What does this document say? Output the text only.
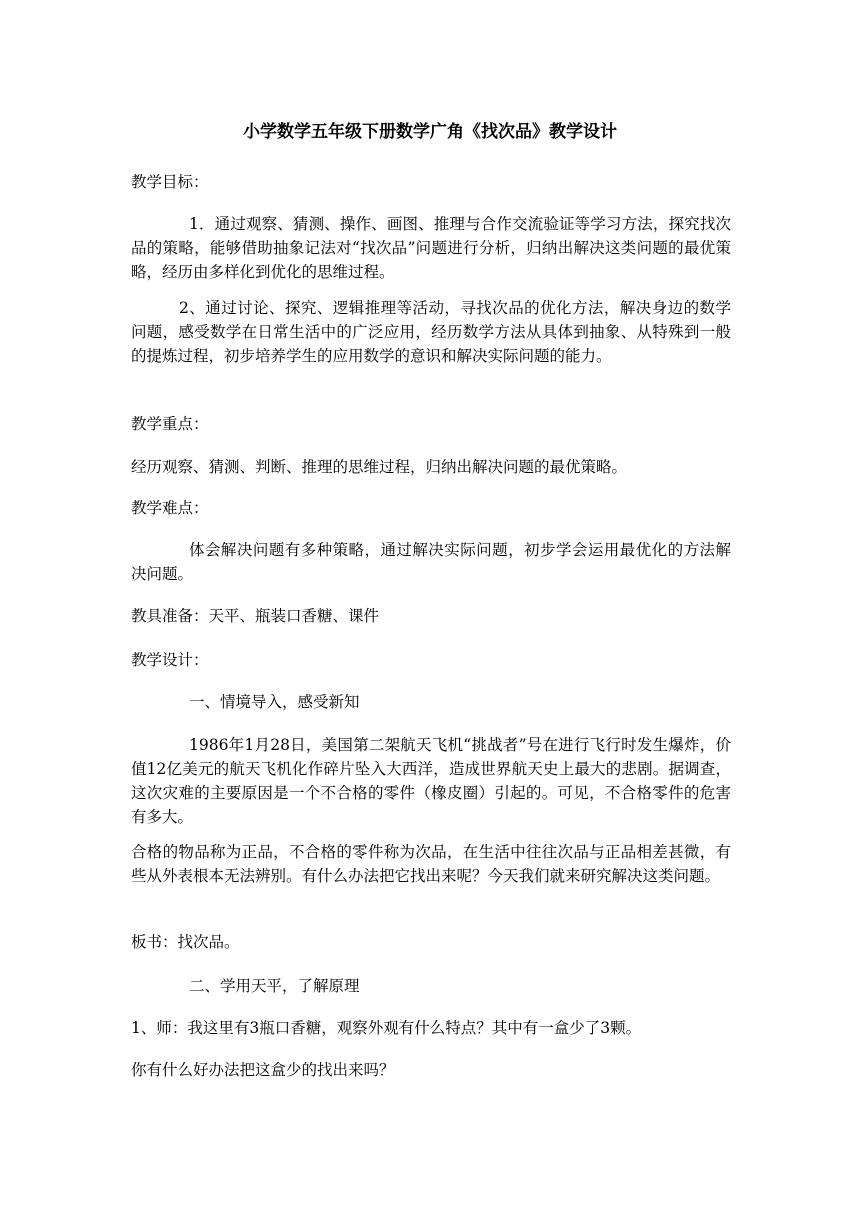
小学数学五年级下册数学广角《找次品》教学设计
教学目标：
1．通过观察、猜测、操作、画图、推理与合作交流验证等学习方法，探究找次品的策略，能够借助抽象记法对“找次品”问题进行分析，归纳出解决这类问题的最优策略，经历由多样化到优化的思维过程。
2、通过讨论、探究、逻辑推理等活动，寻找次品的优化方法，解决身边的数学问题，感受数学在日常生活中的广泛应用，经历数学方法从具体到抽象、从特殊到一般的提炼过程，初步培养学生的应用数学的意识和解决实际问题的能力。
教学重点：
经历观察、猜测、判断、推理的思维过程，归纳出解决问题的最优策略。
教学难点：
体会解决问题有多种策略，通过解决实际问题，初步学会运用最优化的方法解决问题。
教具准备：天平、瓶装口香糖、课件
教学设计：
一、情境导入，感受新知
1986年1月28日，美国第二架航天飞机“挑战者”号在进行飞行时发生爆炸，价值12亿美元的航天飞机化作碎片坠入大西洋，造成世界航天史上最大的悲剧。据调查，这次灾难的主要原因是一个不合格的零件（橡皮圈）引起的。可见，不合格零件的危害有多大。
合格的物品称为正品，不合格的零件称为次品，在生活中往往次品与正品相差甚微，有些从外表根本无法辨别。有什么办法把它找出来呢？今天我们就来研究解决这类问题。
板书：找次品。
二、学用天平，了解原理
1、师：我这里有3瓶口香糖，观察外观有什么特点？其中有一盒少了3颗。
你有什么好办法把这盒少的找出来吗？
